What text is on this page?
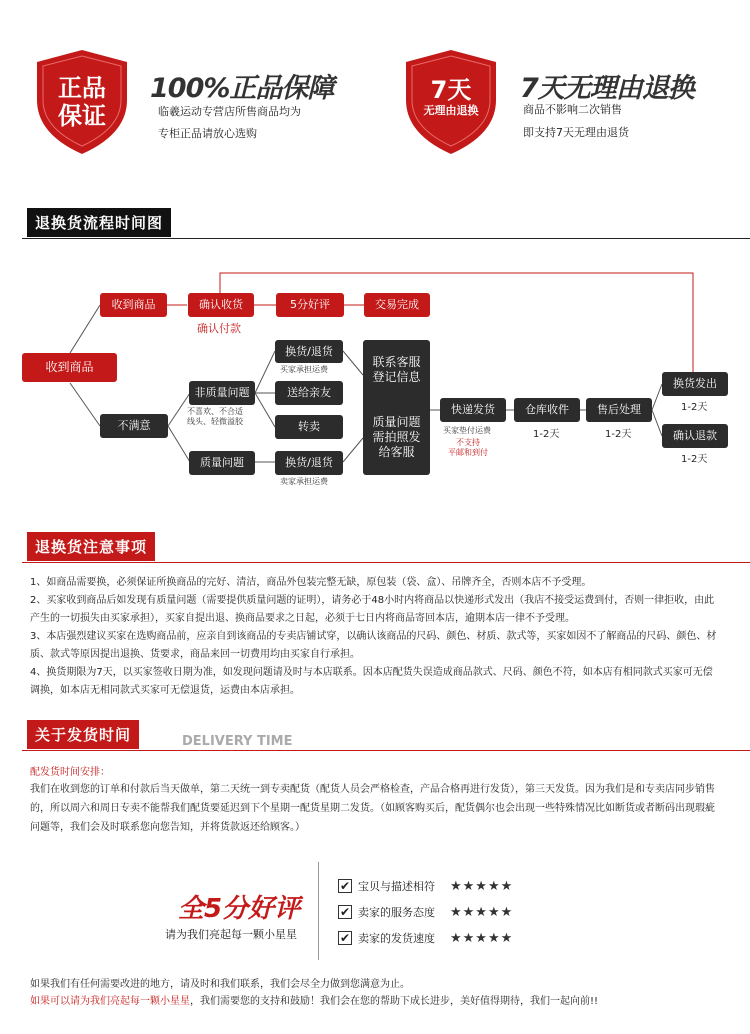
正品
保证
100%正品保障
临羲运动专营店所售商品均为
专柜正品请放心选购
7天
无理由退换
7天无理由退换
商品不影响二次销售
即支持7天无理由退货
退换货流程时间图
收到商品
收到商品	确认收货
确认付款
5分好评	交易完成
不满意
非质量问题
不喜欢、不合适
线头、轻微溢胶
质量问题
换货/退货
买家承担运费
送给亲友
转卖
换货/退货
卖家承担运费
联系客服
登记信息
质量问题
需拍照发
给客服
快递发货
买家垫付运费
不支持
平邮和到付
仓库收件
1-2天
售后处理
1-2天
换货发出
1-2天
确认退款
1-2天
退换货注意事项
1、如商品需要换，必须保证所换商品的完好、清洁，商品外包装完整无缺，原包装（袋、盒）、吊牌齐全，否则本店不予受理。
2、买家收到商品后如发现有质量问题（需要提供质量问题的证明），请务必于48小时内将商品以快递形式发出（我店不接受运费到付，否则一律拒收，由此产生的一切损失由买家承担），买家自提出退、换商品要求之日起，必须于七日内将商品寄回本店，逾期本店一律不予受理。
3、本店强烈建议买家在选购商品前，应亲自到该商品的专卖店铺试穿，以确认该商品的尺码、颜色、材质、款式等，买家如因不了解商品的尺码、颜色、材质、款式等原因提出退换、货要求，商品来回一切费用均由买家自行承担。
4、换货期限为7天，以买家签收日期为准，如发现问题请及时与本店联系。因本店配货失误造成商品款式、尺码、颜色不符，如本店有相同款式买家可无偿调换，如本店无相同款式买家可无偿退货，运费由本店承担。
关于发货时间	DELIVERY TIME
配发货时间安排：
我们在收到您的订单和付款后当天做单，第二天统一到专卖配货（配货人员会严格检查，产品合格再进行发货），第三天发货。因为我们是和专卖店同步销售的，所以周六和周日专卖不能帮我们配货要延迟到下个星期一配货星期二发货。（如顾客购买后，配货偶尔也会出现一些特殊情况比如断货或者断码出现瑕疵问题等，我们会及时联系您向您告知，并将货款返还给顾客。）
全5分好评
请为我们亮起每一颗小星星
✔ 宝贝与描述相符	★★★★★
✔ 卖家的服务态度	★★★★★
✔ 卖家的发货速度	★★★★★
如果我们有任何需要改进的地方，请及时和我们联系，我们会尽全力做到您满意为止。
如果可以请为我们亮起每一颗小星星，我们需要您的支持和鼓励！我们会在您的帮助下成长进步，美好值得期待，我们一起向前!!
